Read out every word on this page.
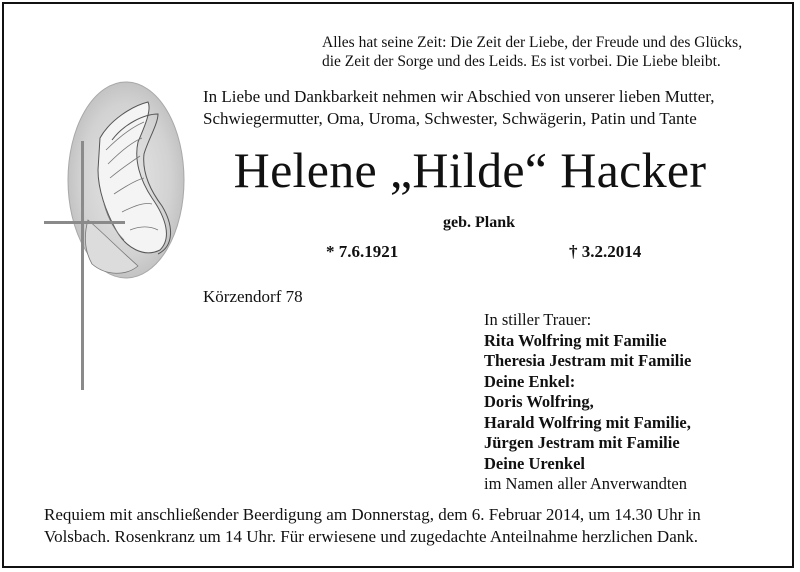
Alles hat seine Zeit: Die Zeit der Liebe, der Freude und des Glücks,
die Zeit der Sorge und des Leids. Es ist vorbei. Die Liebe bleibt.
In Liebe und Dankbarkeit nehmen wir Abschied von unserer lieben Mutter,
Schwiegermutter, Oma, Uroma, Schwester, Schwägerin, Patin und Tante
Helene „Hilde“ Hacker
geb. Plank
* 7.6.1921	† 3.2.2014
Körzendorf 78
In stiller Trauer:
Rita Wolfring mit Familie
Theresia Jestram mit Familie
Deine Enkel:
Doris Wolfring,
Harald Wolfring mit Familie,
Jürgen Jestram mit Familie
Deine Urenkel
im Namen aller Anverwandten
Requiem mit anschließender Beerdigung am Donnerstag, dem 6. Februar 2014, um 14.30 Uhr in
Volsbach. Rosenkranz um 14 Uhr. Für erwiesene und zugedachte Anteilnahme herzlichen Dank.
